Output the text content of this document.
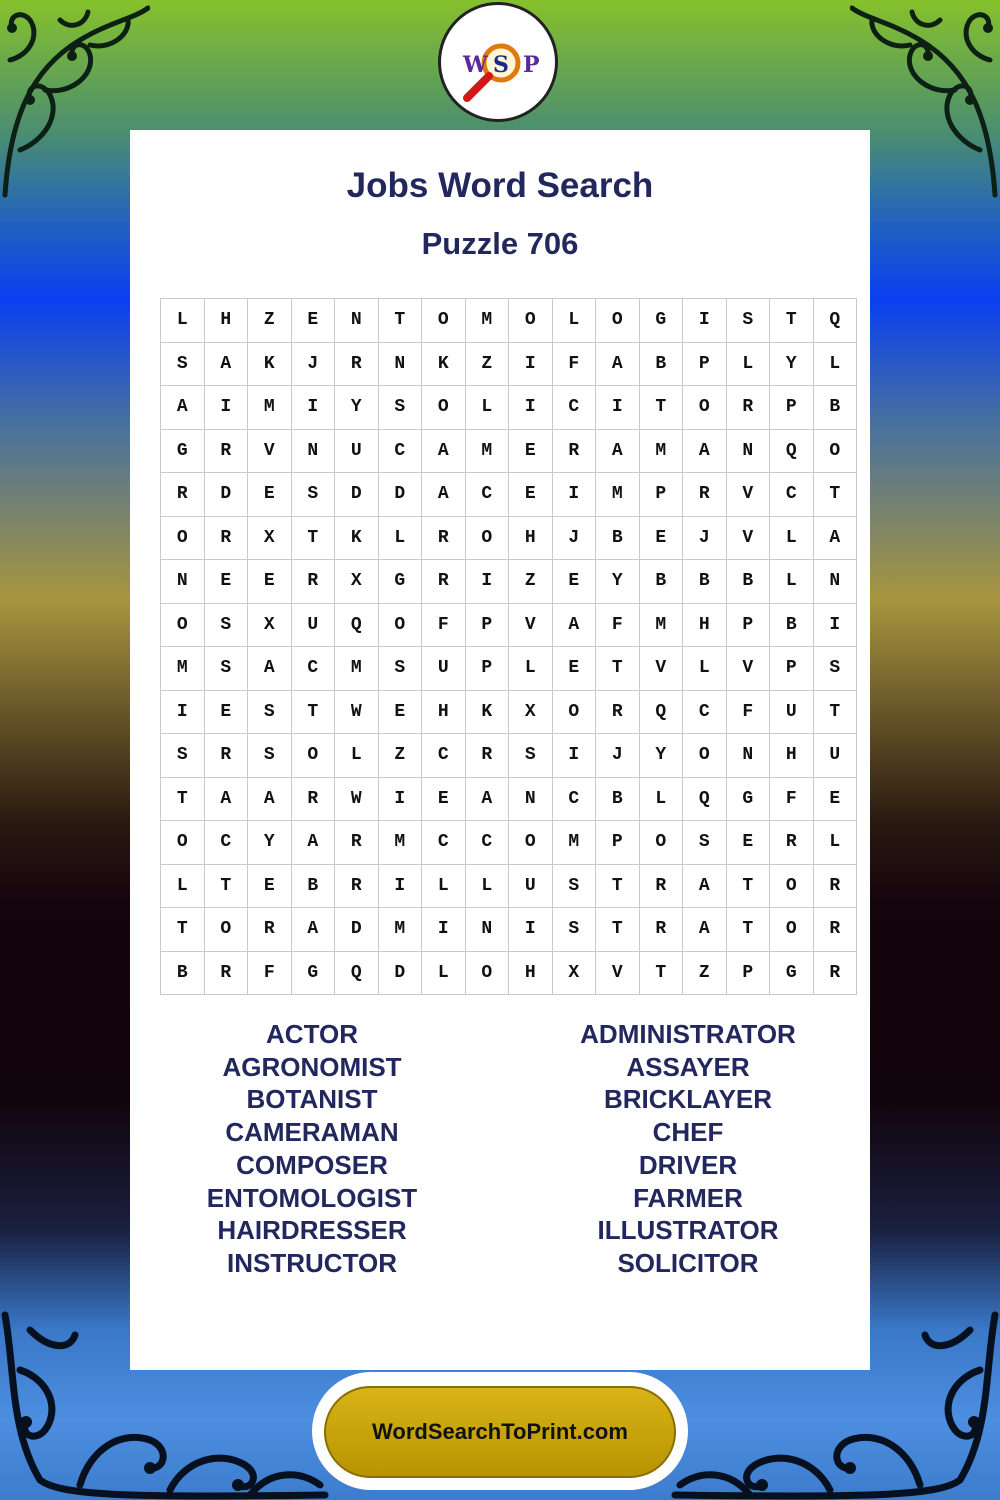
W S P
Jobs Word Search
Puzzle 706
L	H	Z	E	N	T	O	M	O	L	O	G	I	S	T	Q
S	A	K	J	R	N	K	Z	I	F	A	B	P	L	Y	L
A	I	M	I	Y	S	O	L	I	C	I	T	O	R	P	B
G	R	V	N	U	C	A	M	E	R	A	M	A	N	Q	O
R	D	E	S	D	D	A	C	E	I	M	P	R	V	C	T
O	R	X	T	K	L	R	O	H	J	B	E	J	V	L	A
N	E	E	R	X	G	R	I	Z	E	Y	B	B	B	L	N
O	S	X	U	Q	O	F	P	V	A	F	M	H	P	B	I
M	S	A	C	M	S	U	P	L	E	T	V	L	V	P	S
I	E	S	T	W	E	H	K	X	O	R	Q	C	F	U	T
S	R	S	O	L	Z	C	R	S	I	J	Y	O	N	H	U
T	A	A	R	W	I	E	A	N	C	B	L	Q	G	F	E
O	C	Y	A	R	M	C	C	O	M	P	O	S	E	R	L
L	T	E	B	R	I	L	L	U	S	T	R	A	T	O	R
T	O	R	A	D	M	I	N	I	S	T	R	A	T	O	R
B	R	F	G	Q	D	L	O	H	X	V	T	Z	P	G	R
ACTOR
AGRONOMIST
BOTANIST
CAMERAMAN
COMPOSER
ENTOMOLOGIST
HAIRDRESSER
INSTRUCTOR
ADMINISTRATOR
ASSAYER
BRICKLAYER
CHEF
DRIVER
FARMER
ILLUSTRATOR
SOLICITOR
WordSearchToPrint.com
